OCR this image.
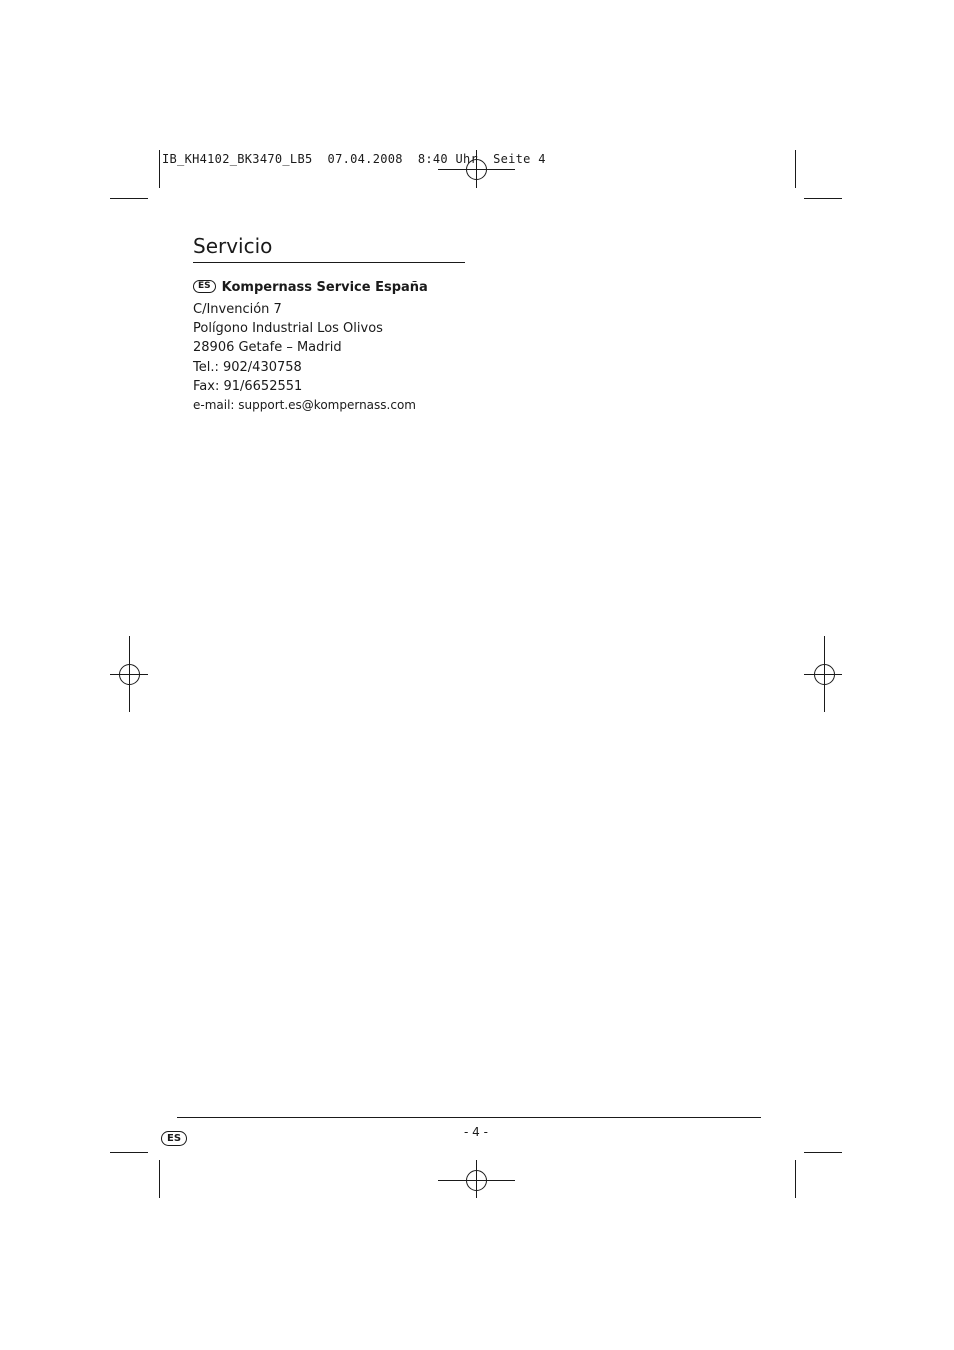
IB_KH4102_BK3470_LB5  07.04.2008  8:40 Uhr  Seite 4
Servicio
ES Kompernass Service España
C/Invención 7
Polígono Industrial Los Olivos
28906 Getafe – Madrid
Tel.: 902/430758
Fax: 91/6652551
e-mail: support.es@kompernass.com
ES	- 4 -
